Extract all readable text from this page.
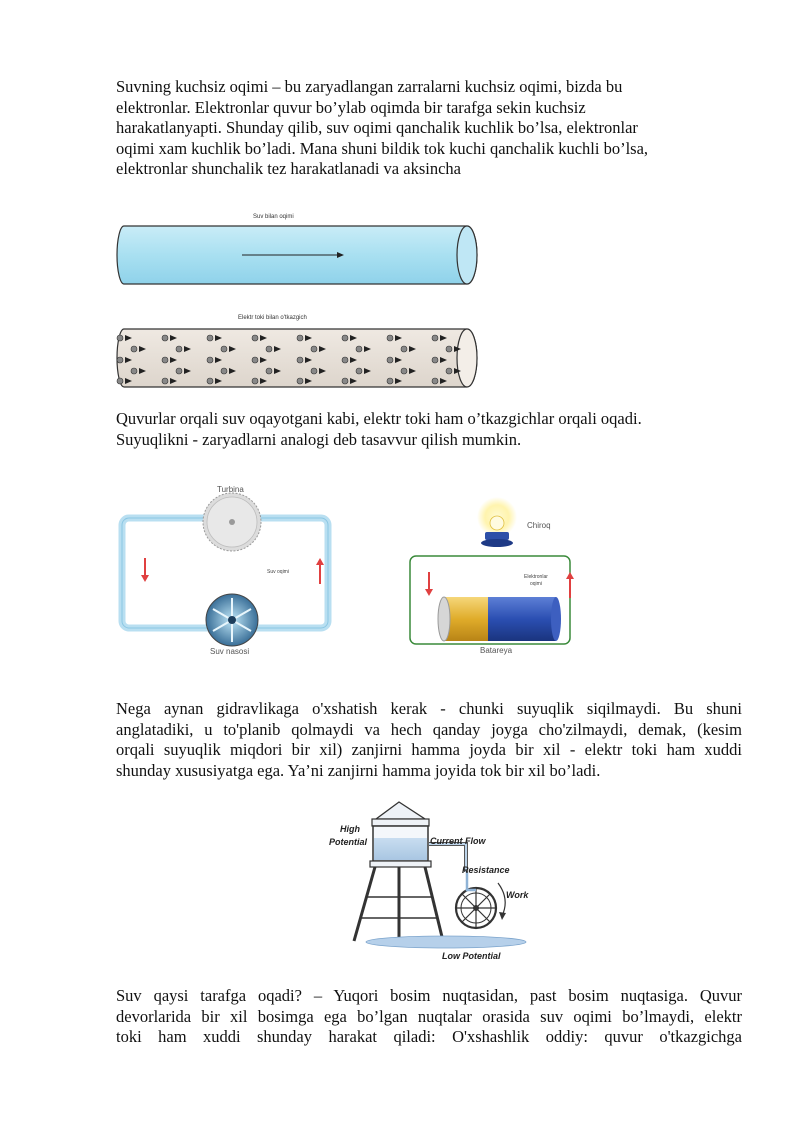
Suvning kuchsiz oqimi – bu zaryadlangan zarralarni kuchsiz oqimi, bizda bu
elektronlar. Elektronlar quvur bo’ylab oqimda bir tarafga sekin kuchsiz
harakatlanyapti. Shunday qilib, suv oqimi qanchalik kuchlik bo’lsa, elektronlar
oqimi xam kuchlik bo’ladi. Mana shuni bildik tok kuchi qanchalik kuchli bo’lsa,
elektronlar shunchalik tez harakatlanadi va aksincha
Suv bilan oqimi
Elektr toki bilan o'tkazgich
Quvurlar orqali suv oqayotgani kabi, elektr toki ham o’tkazgichlar orqali oqadi.
Suyuqlikni - zaryadlarni analogi deb tasavvur qilish mumkin.
Turbina
Suv nasosi
Suv oqimi
Chiroq
Batareya
Elektronlar
oqimi
Nega aynan gidravlikaga o'xshatish kerak - chunki suyuqlik siqilmaydi. Bu shuni
anglatadiki, u to'planib qolmaydi va hech qanday joyga cho'zilmaydi, demak, (kesim
orqali suyuqlik miqdori bir xil) zanjirni hamma joyda bir xil - elektr toki ham xuddi
shunday xususiyatga ega. Ya’ni zanjirni hamma joyida tok bir xil bo’ladi.
High
Potential	Current Flow
Resistance
Work
Low Potential
Suv qaysi tarafga oqadi? – Yuqori bosim nuqtasidan, past bosim nuqtasiga. Quvur
devorlarida bir xil bosimga ega bo’lgan nuqtalar orasida suv oqimi bo’lmaydi, elektr
toki ham xuddi shunday harakat qiladi: O'xshashlik oddiy: quvur o'tkazgichga
